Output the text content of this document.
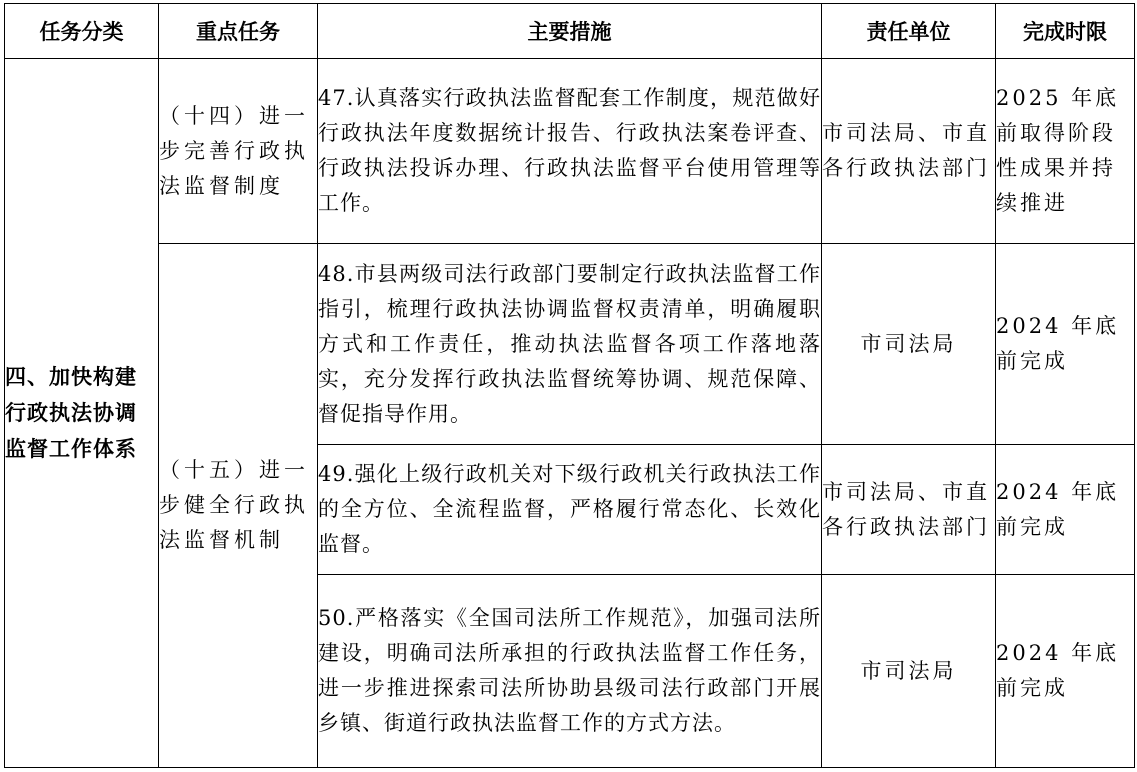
任务分类	重点任务	主要措施	责任单位	完成时限

四、加快构建行政执法协调监督工作体系	（十四）进一步完善行政执法监督制度	47.认真落实行政执法监督配套工作制度，规范做好行政执法年度数据统计报告、行政执法案卷评查、行政执法投诉办理、行政执法监督平台使用管理等工作。	市司法局、市直各行政执法部门	2025 年底前取得阶段性成果并持续推进

	（十五）进一步健全行政执法监督机制	48.市县两级司法行政部门要制定行政执法监督工作指引，梳理行政执法协调监督权责清单，明确履职方式和工作责任，推动执法监督各项工作落地落实，充分发挥行政执法监督统筹协调、规范保障、督促指导作用。	市司法局	2024 年底前完成

		49.强化上级行政机关对下级行政机关行政执法工作的全方位、全流程监督，严格履行常态化、长效化监督。	市司法局、市直各行政执法部门	2024 年底前完成

		50.严格落实《全国司法所工作规范》，加强司法所建设，明确司法所承担的行政执法监督工作任务，进一步推进探索司法所协助县级司法行政部门开展乡镇、街道行政执法监督工作的方式方法。	市司法局	2024 年底前完成
